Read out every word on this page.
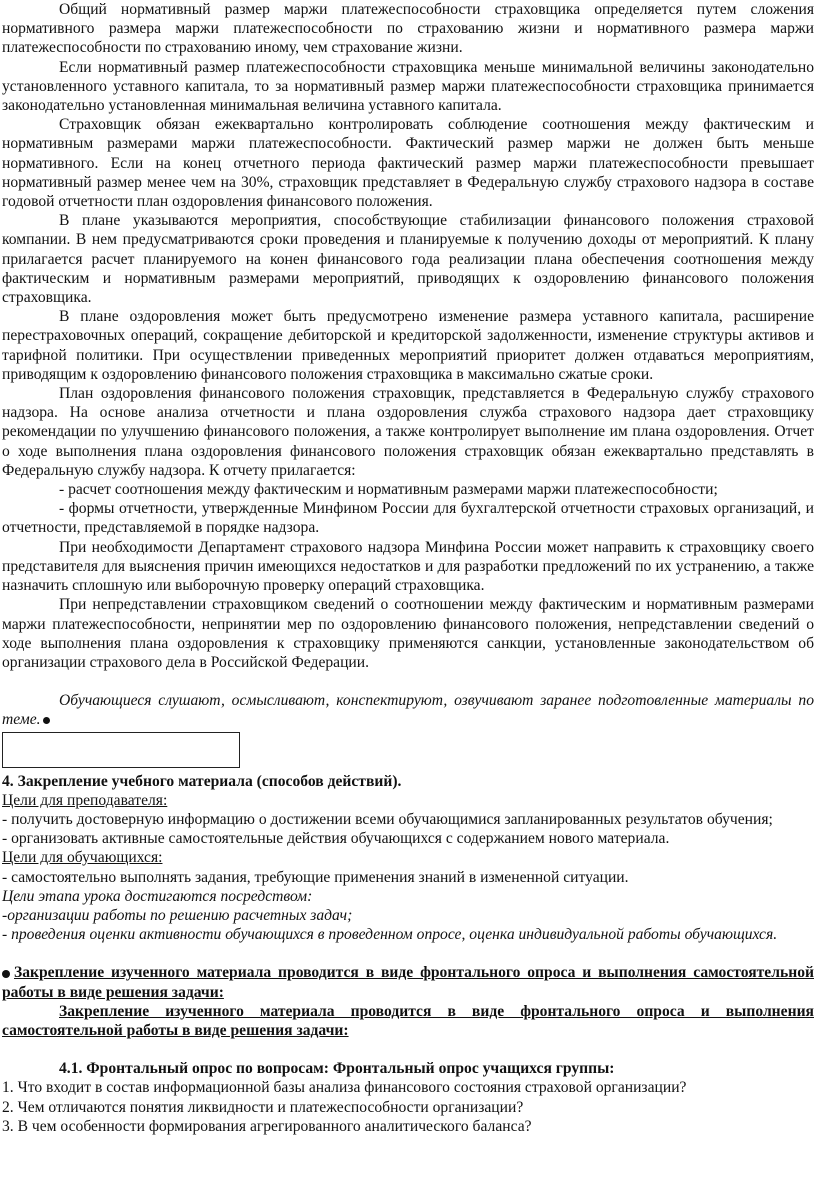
Общий нормативный размер маржи платежеспособности страховщика определяется путем сложения нормативного размера маржи платежеспособности по страхованию жизни и нормативного размера маржи платежеспособности по страхованию иному, чем страхование жизни.

Если нормативный размер платежеспособности страховщика меньше минимальной величины законодательно установленного уставного капитала, то за нормативный размер маржи платежеспособности страховщика принимается законодательно установленная минимальная величина уставного капитала.

Страховщик обязан ежеквартально контролировать соблюдение соотношения между фактическим и нормативным размерами маржи платежеспособности. Фактический размер маржи не должен быть меньше нормативного. Если на конец отчетного периода фактический размер маржи платежеспособности превышает нормативный размер менее чем на 30%, страховщик представляет в Федеральную службу страхового надзора в составе годовой отчетности план оздоровления финансового положения.

В плане указываются мероприятия, способствующие стабилизации финансового положения страховой компании. В нем предусматриваются сроки проведения и планируемые к получению доходы от мероприятий. К плану прилагается расчет планируемого на конен финансового года реализации плана обеспечения соотношения между фактическим и нормативным размерами мероприятий, приводящих к оздоровлению финансового положения страховщика.

В плане оздоровления может быть предусмотрено изменение размера уставного капитала, расширение перестраховочных операций, сокращение дебиторской и кредиторской задолженности, изменение структуры активов и тарифной политики. При осуществлении приведенных мероприятий приоритет должен отдаваться мероприятиям, приводящим к оздоровлению финансового положения страховщика в максимально сжатые сроки.

План оздоровления финансового положения страховщик, представляется в Федеральную службу страхового надзора. На основе анализа отчетности и плана оздоровления служба страхового надзора дает страховщику рекомендации по улучшению финансового положения, а также контролирует выполнение им плана оздоровления. Отчет о ходе выполнения плана оздоровления финансового положения страховщик обязан ежеквартально представлять в Федеральную службу надзора. К отчету прилагается:

- расчет соотношения между фактическим и нормативным размерами маржи платежеспособности;

- формы отчетности, утвержденные Минфином России для бухгалтерской отчетности страховых организаций, и отчетности, представляемой в порядке надзора.

При необходимости Департамент страхового надзора Минфина России может направить к страховщику своего представителя для выяснения причин имеющихся недостатков и для разработки предложений по их устранению, а также назначить сплошную или выборочную проверку операций страховщика.

При непредставлении страховщиком сведений о соотношении между фактическим и нормативным размерами маржи платежеспособности, непринятии мер по оздоровлению финансового положения, непредставлении сведений о ходе выполнения плана оздоровления к страховщику применяются санкции, установленные законодательством об организации страхового дела в Российской Федерации.

Обучающиеся слушают, осмысливают, конспектируют, озвучивают заранее подготовленные материалы по теме.

4. Закрепление учебного материала (способов действий).

Цели для преподавателя:

- получить достоверную информацию о достижении всеми обучающимися запланированных результатов обучения;

- организовать активные самостоятельные действия обучающихся с содержанием нового материала.

Цели для обучающихся:

- самостоятельно выполнять задания, требующие применения знаний в измененной ситуации.

Цели этапа урока достигаются посредством:

-организации работы по решению расчетных задач;

- проведения оценки активности обучающихся в проведенном опросе, оценка индивидуальной работы обучающихся.

Закрепление изученного материала проводится в виде фронтального опроса и выполнения самостоятельной работы в виде решения задачи:

Закрепление изученного материала проводится в виде фронтального опроса и выполнения самостоятельной работы в виде решения задачи:

4.1. Фронтальный опрос по вопросам: Фронтальный опрос учащихся группы:

1. Что входит в состав информационной базы анализа финансового состояния страховой организации?

2. Чем отличаются понятия ликвидности и платежеспособности организации?

3. В чем особенности формирования агрегированного аналитического баланса?
